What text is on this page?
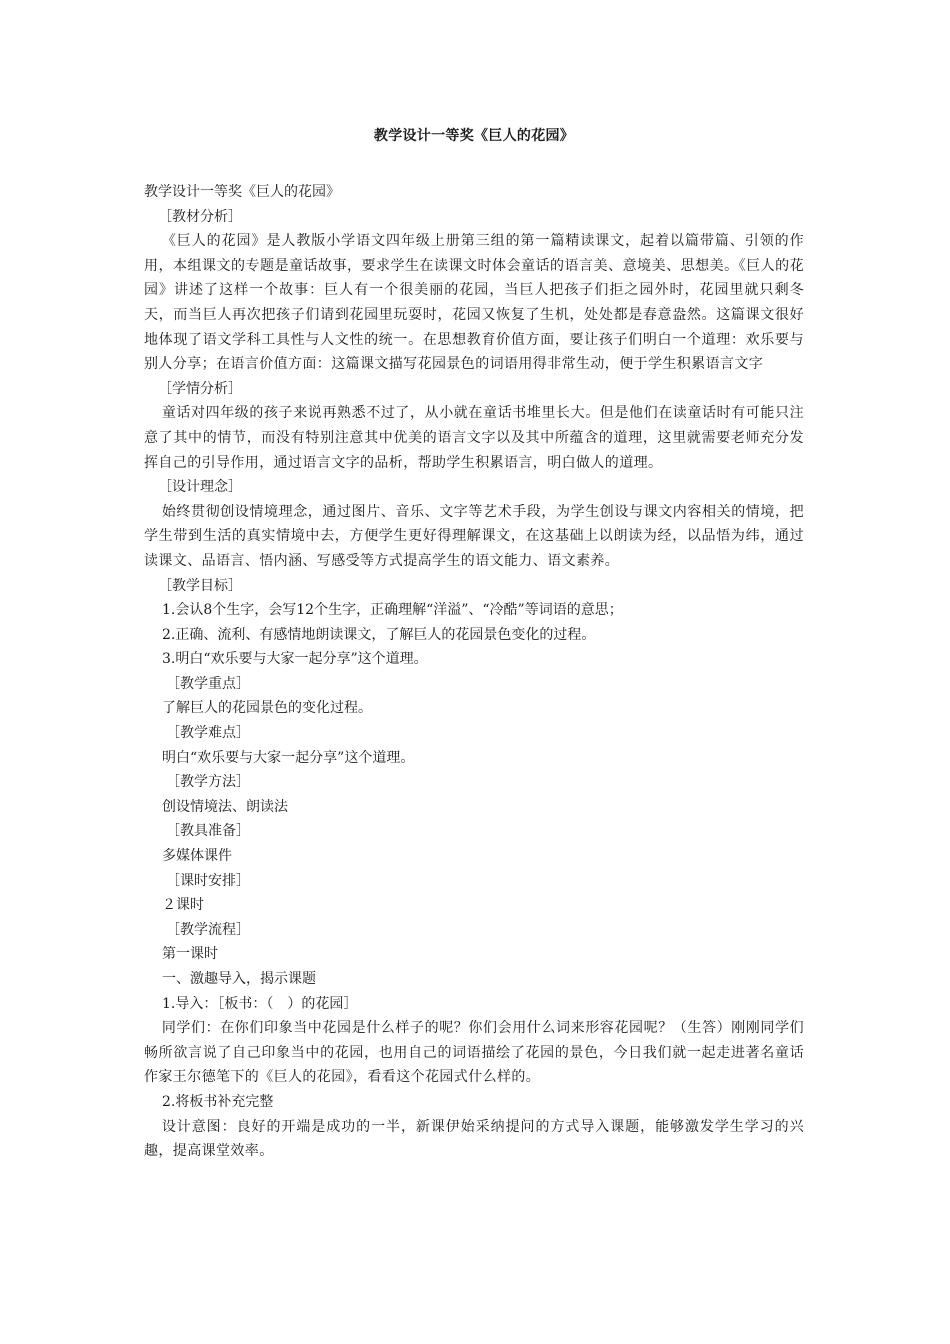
教学设计一等奖《巨人的花园》

教学设计一等奖《巨人的花园》

［教材分析］

《巨人的花园》是人教版小学语文四年级上册第三组的第一篇精读课文，起着以篇带篇、引领的作用，本组课文的专题是童话故事，要求学生在读课文时体会童话的语言美、意境美、思想美。《巨人的花园》讲述了这样一个故事：巨人有一个很美丽的花园，当巨人把孩子们拒之园外时，花园里就只剩冬天，而当巨人再次把孩子们请到花园里玩耍时，花园又恢复了生机，处处都是春意盎然。这篇课文很好地体现了语文学科工具性与人文性的统一。在思想教育价值方面，要让孩子们明白一个道理：欢乐要与别人分享；在语言价值方面：这篇课文描写花园景色的词语用得非常生动，便于学生积累语言文字

［学情分析］

童话对四年级的孩子来说再熟悉不过了，从小就在童话书堆里长大。但是他们在读童话时有可能只注意了其中的情节，而没有特别注意其中优美的语言文字以及其中所蕴含的道理，这里就需要老师充分发挥自己的引导作用，通过语言文字的品析，帮助学生积累语言，明白做人的道理。

［设计理念］

始终贯彻创设情境理念，通过图片、音乐、文字等艺术手段，为学生创设与课文内容相关的情境，把学生带到生活的真实情境中去，方便学生更好得理解课文，在这基础上以朗读为经，以品悟为纬，通过读课文、品语言、悟内涵、写感受等方式提高学生的语文能力、语文素养。

［教学目标］

1.会认8个生字，会写12个生字，正确理解“洋溢”、“冷酷”等词语的意思；

2.正确、流利、有感情地朗读课文，了解巨人的花园景色变化的过程。

3.明白“欢乐要与大家一起分享”这个道理。

［教学重点］

了解巨人的花园景色的变化过程。

［教学难点］

明白“欢乐要与大家一起分享”这个道理。

［教学方法］

创设情境法、朗读法

［教具准备］

多媒体课件

［课时安排］

２课时

［教学流程］

第一课时

一、激趣导入，揭示课题

1.导入：［板书：（　）的花园］

同学们：在你们印象当中花园是什么样子的呢？你们会用什么词来形容花园呢？（生答）刚刚同学们畅所欲言说了自己印象当中的花园，也用自己的词语描绘了花园的景色，今日我们就一起走进著名童话作家王尔德笔下的《巨人的花园》，看看这个花园式什么样的。

2.将板书补充完整

设计意图：良好的开端是成功的一半，新课伊始采纳提问的方式导入课题，能够激发学生学习的兴趣，提高课堂效率。
